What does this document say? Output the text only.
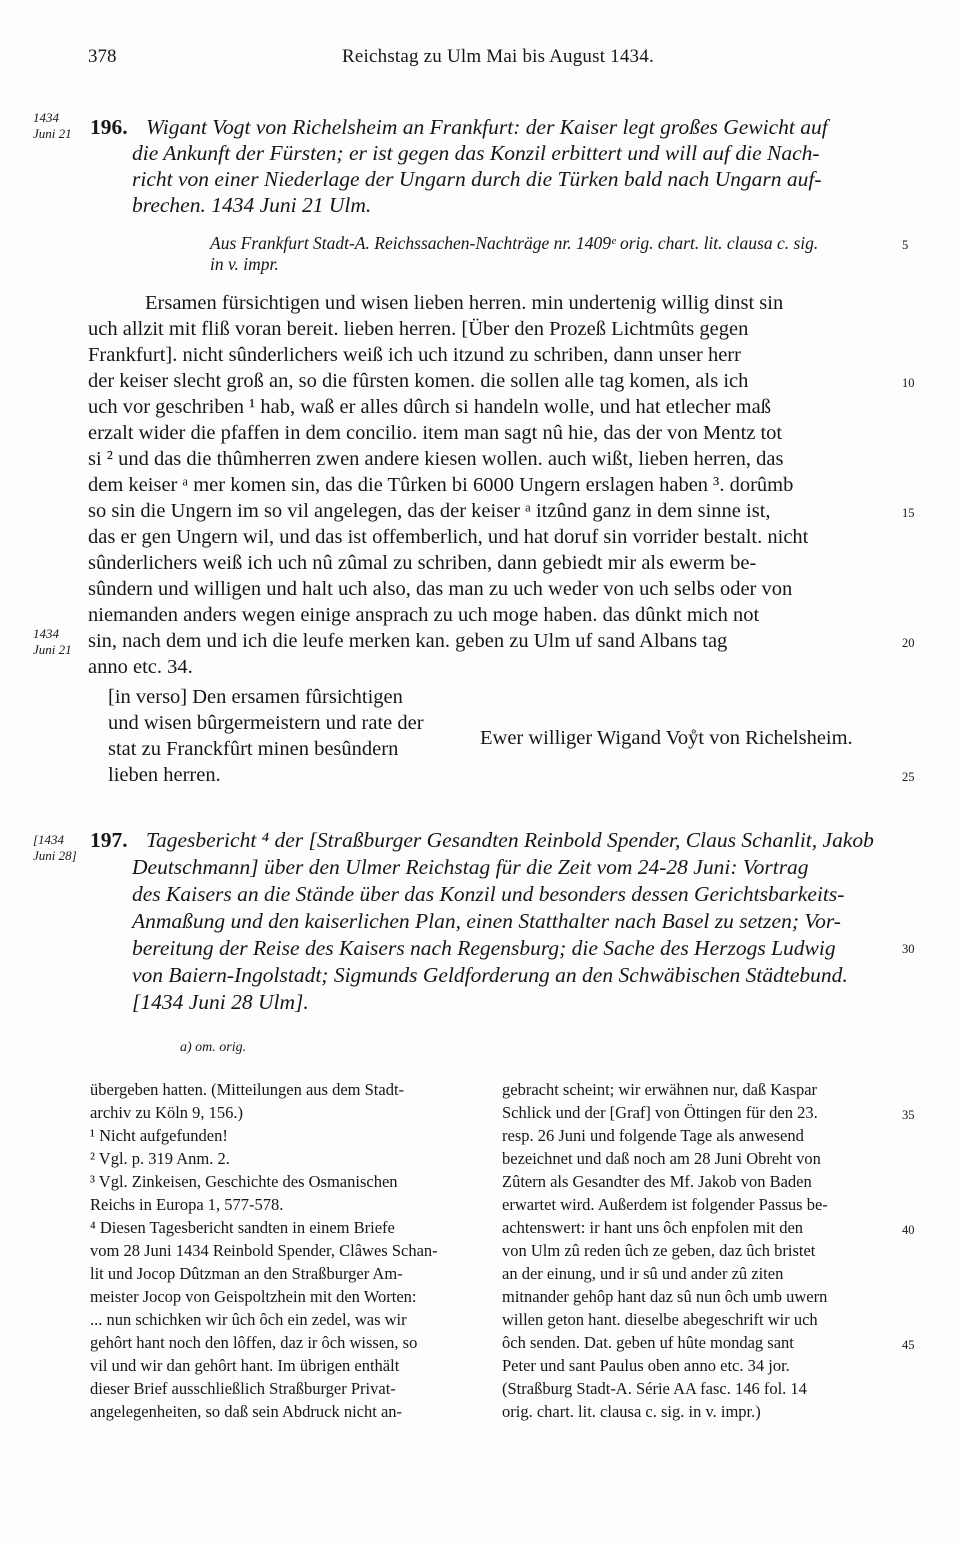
378	Reichstag zu Ulm Mai bis August 1434.
1434
Juni 21 196. Wigant Vogt von Richelsheim an Frankfurt: der Kaiser legt großes Gewicht auf
die Ankunft der Fürsten; er ist gegen das Konzil erbittert und will auf die Nach-
richt von einer Niederlage der Ungarn durch die Türken bald nach Ungarn auf-
brechen. 1434 Juni 21 Ulm.
Aus Frankfurt Stadt-A. Reichssachen-Nachträge nr. 1409ᵉ orig. chart. lit. clausa c. sig.
in v. impr.
Ersamen fürsichtigen und wisen lieben herren. min undertenig willig dinst sin
uch allzit mit fliß voran bereit. lieben herren. [Über den Prozeß Lichtmûts gegen
Frankfurt]. nicht sûnderlichers weiß ich uch itzund zu schriben, dann unser herr
der keiser slecht groß an, so die fûrsten komen. die sollen alle tag komen, als ich
uch vor geschriben ¹ hab, waß er alles dûrch si handeln wolle, und hat etlecher maß
erzalt wider die pfaffen in dem concilio. item man sagt nû hie, das der von Mentz tot
si ² und das die thûmherren zwen andere kiesen wollen. auch wißt, lieben herren, das
dem keiser ᵃ mer komen sin, das die Tûrken bi 6000 Ungern erslagen haben ³. dorûmb
so sin die Ungern im so vil angelegen, das der keiser ᵃ itzûnd ganz in dem sinne ist,
das er gen Ungern wil, und das ist offemberlich, und hat doruf sin vorrider bestalt. nicht
sûnderlichers weiß ich uch nû zûmal zu schriben, dann gebiedt mir als ewerm be-
sûndern und willigen und halt uch also, das man zu uch weder von uch selbs oder von
niemanden anders wegen einige ansprach zu uch moge haben. das dûnkt mich not
sin, nach dem und ich die leufe merken kan. geben zu Ulm uf sand Albans tag
anno etc. 34.
1434
Juni 21
[in verso] Den ersamen fûrsichtigen
und wisen bûrgermeistern und rate der
stat zu Franckfûrt minen besûndern
lieben herren.
Ewer williger Wigand Voẙt von Richelsheim.
[1434
Juni 28]
197. Tagesbericht ⁴ der [Straßburger Gesandten Reinbold Spender, Claus Schanlit, Jakob
Deutschmann] über den Ulmer Reichstag für die Zeit vom 24-28 Juni: Vortrag
des Kaisers an die Stände über das Konzil und besonders dessen Gerichtsbarkeits-
Anmaßung und den kaiserlichen Plan, einen Statthalter nach Basel zu setzen; Vor-
bereitung der Reise des Kaisers nach Regensburg; die Sache des Herzogs Ludwig
von Baiern-Ingolstadt; Sigmunds Geldforderung an den Schwäbischen Städtebund.
[1434 Juni 28 Ulm].
a) om. orig.
übergeben hatten. (Mitteilungen aus dem Stadt-
archiv zu Köln 9, 156.)
¹ Nicht aufgefunden!
² Vgl. p. 319 Anm. 2.
³ Vgl. Zinkeisen, Geschichte des Osmanischen
Reichs in Europa 1, 577-578.
⁴ Diesen Tagesbericht sandten in einem Briefe
vom 28 Juni 1434 Reinbold Spender, Clâwes Schan-
lit und Jocop Dûtzman an den Straßburger Am-
meister Jocop von Geispoltzhein mit den Worten:
... nun schichken wir ûch ôch ein zedel, was wir
gehôrt hant noch den lôffen, daz ir ôch wissen, so
vil und wir dan gehôrt hant. Im übrigen enthält
dieser Brief ausschließlich Straßburger Privat-
angelegenheiten, so daß sein Abdruck nicht an-
gebracht scheint; wir erwähnen nur, daß Kaspar
Schlick und der [Graf] von Öttingen für den 23.
resp. 26 Juni und folgende Tage als anwesend
bezeichnet und daß noch am 28 Juni Obreht von
Zûtern als Gesandter des Mf. Jakob von Baden
erwartet wird. Außerdem ist folgender Passus be-
achtenswert: ir hant uns ôch enpfolen mit den
von Ulm zû reden ûch ze geben, daz ûch bristet
an der einung, und ir sû und ander zû ziten
mitnander gehôp hant daz sû nun ôch umb uwern
willen geton hant. dieselbe abegeschrift wir uch
ôch senden. Dat. geben uf hûte mondag sant
Peter und sant Paulus oben anno etc. 34 jor.
(Straßburg Stadt-A. Série AA fasc. 146 fol. 14
orig. chart. lit. clausa c. sig. in v. impr.)
5
10
15
20
25
30
35
40
45
